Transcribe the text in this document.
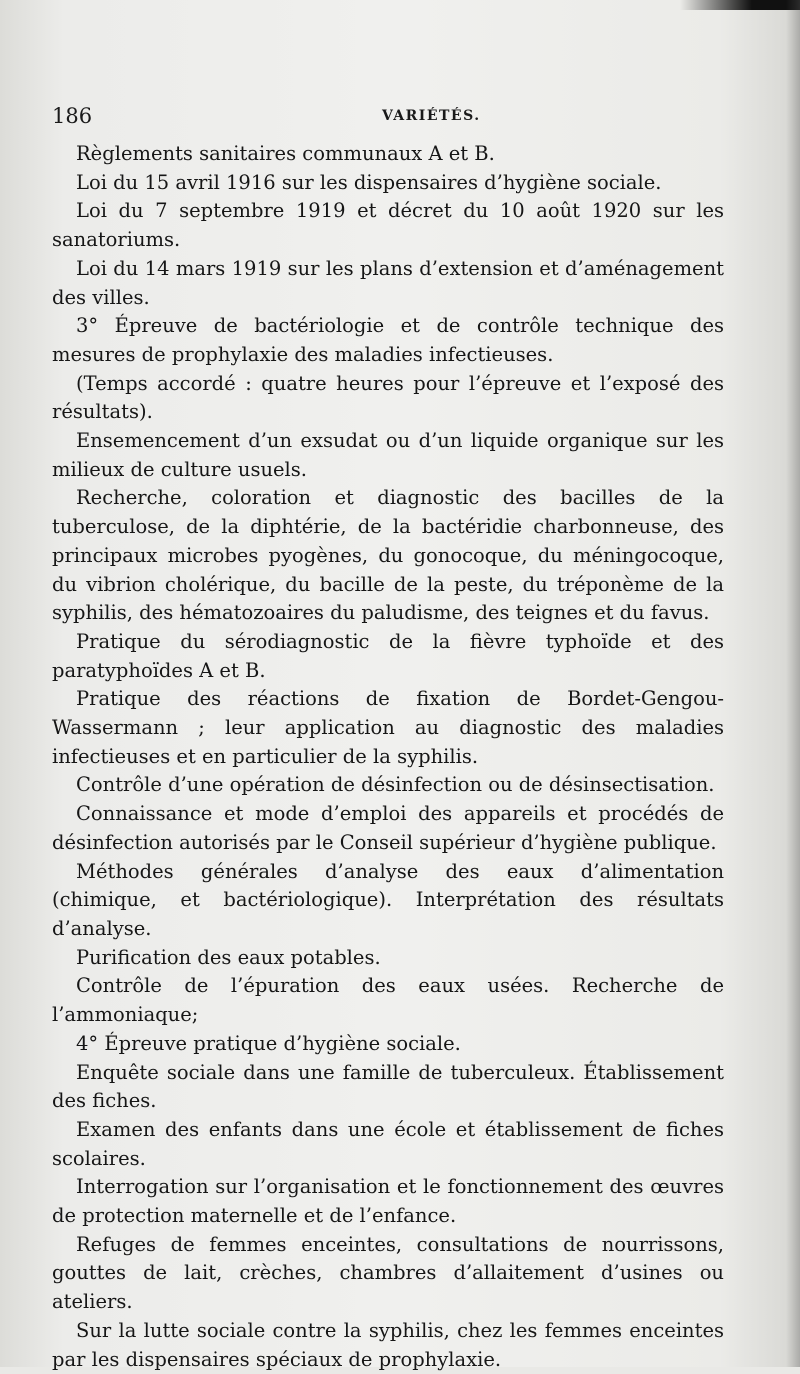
186	VARIÉTÉS.

Règlements sanitaires communaux A et B.

Loi du 15 avril 1916 sur les dispensaires d’hygiène sociale.

Loi du 7 septembre 1919 et décret du 10 août 1920 sur les sanatoriums.

Loi du 14 mars 1919 sur les plans d’extension et d’aménagement des villes.

3° Épreuve de bactériologie et de contrôle technique des mesures de prophylaxie des maladies infectieuses.

(Temps accordé : quatre heures pour l’épreuve et l’exposé des résultats).

Ensemencement d’un exsudat ou d’un liquide organique sur les milieux de culture usuels.

Recherche, coloration et diagnostic des bacilles de la tuberculose, de la diphtérie, de la bactéridie charbonneuse, des principaux microbes pyogènes, du gonocoque, du méningocoque, du vibrion cholérique, du bacille de la peste, du tréponème de la syphilis, des hématozoaires du paludisme, des teignes et du favus.

Pratique du sérodiagnostic de la fièvre typhoïde et des paratyphoïdes A et B.

Pratique des réactions de fixation de Bordet-Gengou-Wassermann ; leur application au diagnostic des maladies infectieuses et en particulier de la syphilis.

Contrôle d’une opération de désinfection ou de désinsectisation.

Connaissance et mode d’emploi des appareils et procédés de désinfection autorisés par le Conseil supérieur d’hygiène publique.

Méthodes générales d’analyse des eaux d’alimentation (chimique, et bactériologique). Interprétation des résultats d’analyse.

Purification des eaux potables.

Contrôle de l’épuration des eaux usées. Recherche de l’ammoniaque;

4° Épreuve pratique d’hygiène sociale.

Enquête sociale dans une famille de tuberculeux. Établissement des fiches.

Examen des enfants dans une école et établissement de fiches scolaires.

Interrogation sur l’organisation et le fonctionnement des œuvres de protection maternelle et de l’enfance.

Refuges de femmes enceintes, consultations de nourrissons, gouttes de lait, crèches, chambres d’allaitement d’usines ou ateliers.

Sur la lutte sociale contre la syphilis, chez les femmes enceintes par les dispensaires spéciaux de prophylaxie.
